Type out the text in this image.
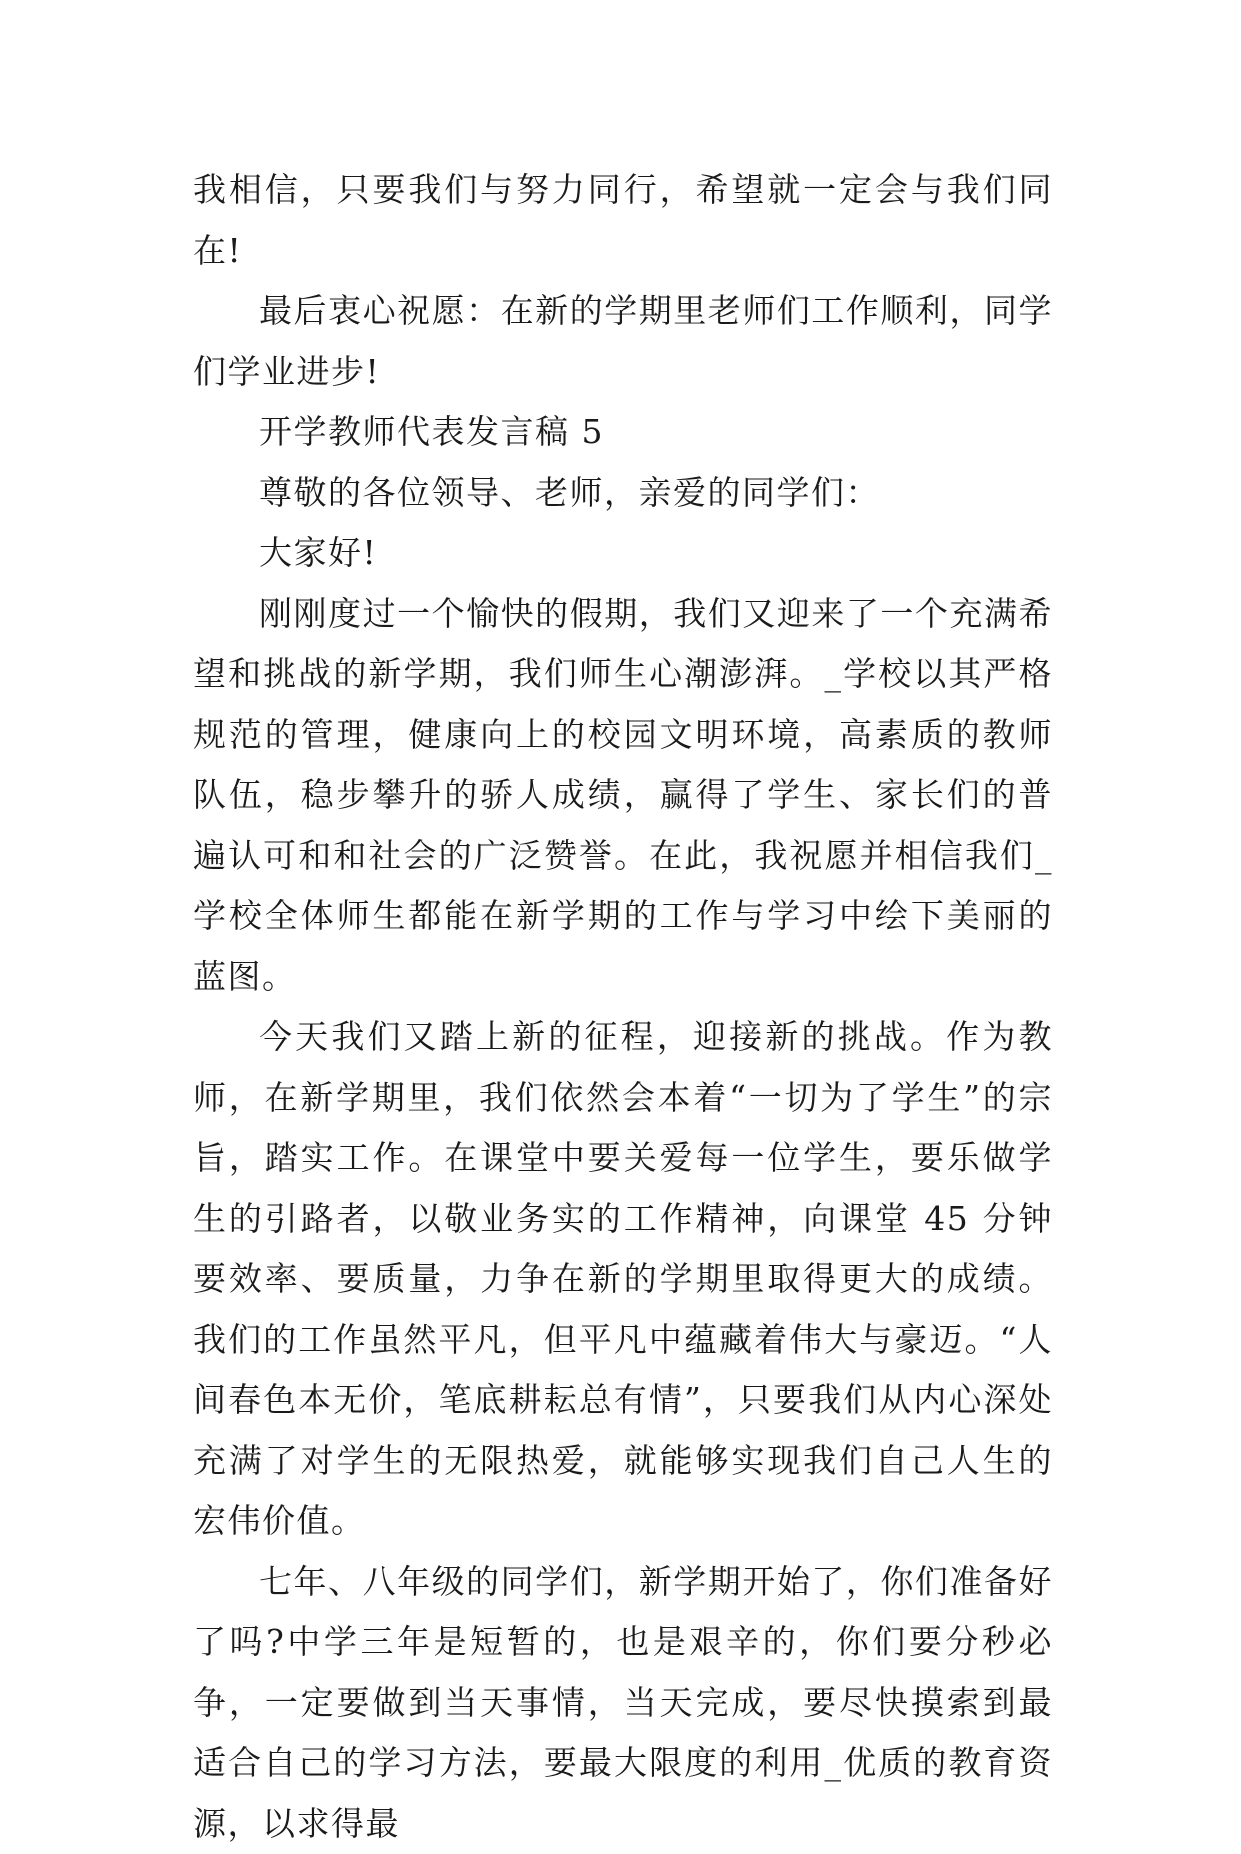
我相信，只要我们与努力同行，希望就一定会与我们同在!

最后衷心祝愿：在新的学期里老师们工作顺利，同学们学业进步!

开学教师代表发言稿 5

尊敬的各位领导、老师，亲爱的同学们：

大家好!

刚刚度过一个愉快的假期，我们又迎来了一个充满希望和挑战的新学期，我们师生心潮澎湃。_学校以其严格规范的管理，健康向上的校园文明环境，高素质的教师队伍，稳步攀升的骄人成绩，赢得了学生、家长们的普遍认可和和社会的广泛赞誉。在此，我祝愿并相信我们_学校全体师生都能在新学期的工作与学习中绘下美丽的蓝图。

今天我们又踏上新的征程，迎接新的挑战。作为教师，在新学期里，我们依然会本着“一切为了学生”的宗旨，踏实工作。在课堂中要关爱每一位学生，要乐做学生的引路者，以敬业务实的工作精神，向课堂 45 分钟要效率、要质量，力争在新的学期里取得更大的成绩。我们的工作虽然平凡，但平凡中蕴藏着伟大与豪迈。“人间春色本无价，笔底耕耘总有情”，只要我们从内心深处充满了对学生的无限热爱，就能够实现我们自己人生的宏伟价值。

七年、八年级的同学们，新学期开始了，你们准备好了吗?中学三年是短暂的，也是艰辛的，你们要分秒必争，一定要做到当天事情，当天完成，要尽快摸索到最适合自己的学习方法，要最大限度的利用_优质的教育资源，以求得最
